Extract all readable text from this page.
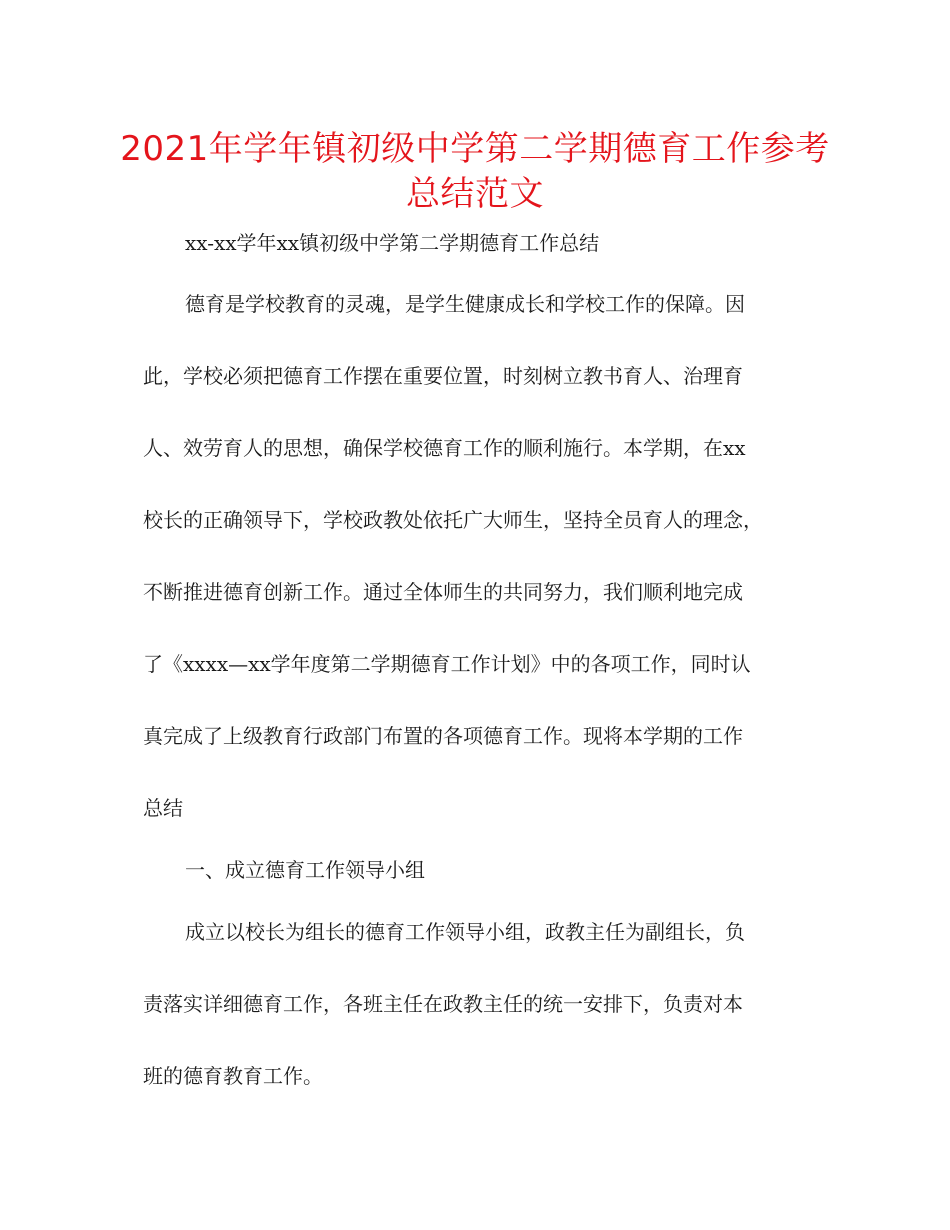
2021年学年镇初级中学第二学期德育工作参考
总结范文
xx-xx学年xx镇初级中学第二学期德育工作总结
德育是学校教育的灵魂，是学生健康成长和学校工作的保障。因
此，学校必须把德育工作摆在重要位置，时刻树立教书育人、治理育
人、效劳育人的思想，确保学校德育工作的顺利施行。本学期，在xx
校长的正确领导下，学校政教处依托广大师生，坚持全员育人的理念，
不断推进德育创新工作。通过全体师生的共同努力，我们顺利地完成
了《xxxx—xx学年度第二学期德育工作计划》中的各项工作，同时认
真完成了上级教育行政部门布置的各项德育工作。现将本学期的工作
总结
一、成立德育工作领导小组
成立以校长为组长的德育工作领导小组，政教主任为副组长，负
责落实详细德育工作，各班主任在政教主任的统一安排下，负责对本
班的德育教育工作。
